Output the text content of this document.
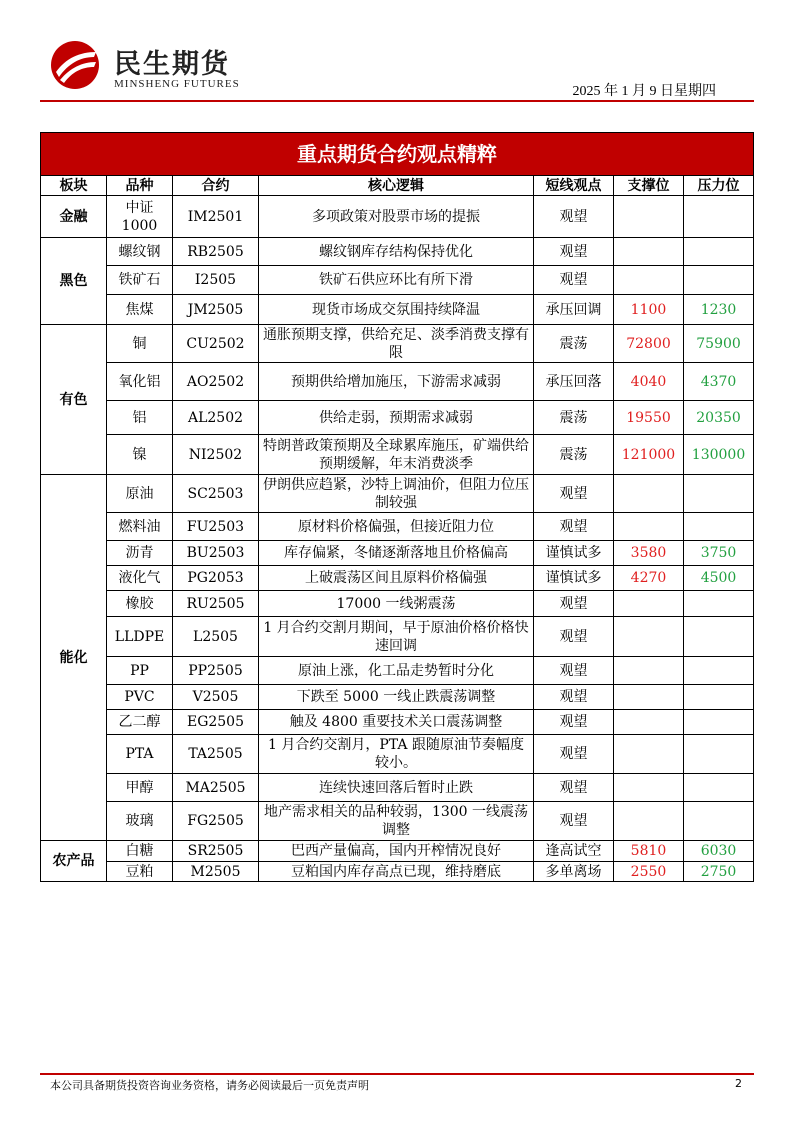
民生期货
MINSHENG FUTURES	2025 年 1 月 9 日星期四
重点期货合约观点精粹						
板块	品种	合约	核心逻辑	短线观点	支撑位	压力位
金融	中证1000	IM2501	多项政策对股票市场的提振	观望		
黑色	螺纹钢	RB2505	螺纹钢库存结构保持优化	观望		
	铁矿石	I2505	铁矿石供应环比有所下滑	观望		
	焦煤	JM2505	现货市场成交氛围持续降温	承压回调	1100	1230
有色	铜	CU2502	通胀预期支撑，供给充足、淡季消费支撑有限	震荡	72800	75900
	氧化铝	AO2502	预期供给增加施压，下游需求减弱	承压回落	4040	4370
	铝	AL2502	供给走弱，预期需求减弱	震荡	19550	20350
	镍	NI2502	特朗普政策预期及全球累库施压，矿端供给预期缓解，年末消费淡季	震荡	121000	130000
能化	原油	SC2503	伊朗供应趋紧，沙特上调油价，但阻力位压制较强	观望		
	燃料油	FU2503	原材料价格偏强，但接近阻力位	观望		
	沥青	BU2503	库存偏紧，冬储逐渐落地且价格偏高	谨慎试多	3580	3750
	液化气	PG2053	上破震荡区间且原料价格偏强	谨慎试多	4270	4500
	橡胶	RU2505	17000 一线粥震荡	观望		
	LLDPE	L2505	1 月合约交割月期间，早于原油价格价格快速回调	观望		
	PP	PP2505	原油上涨，化工品走势暂时分化	观望		
	PVC	V2505	下跌至 5000 一线止跌震荡调整	观望		
	乙二醇	EG2505	触及 4800 重要技术关口震荡调整	观望		
	PTA	TA2505	1 月合约交割月，PTA 跟随原油节奏幅度较小。	观望		
	甲醇	MA2505	连续快速回落后暂时止跌	观望		
	玻璃	FG2505	地产需求相关的品种较弱，1300 一线震荡调整	观望		
农产品	白糖	SR2505	巴西产量偏高，国内开榨情况良好	逢高试空	5810	6030
	豆粕	M2505	豆粕国内库存高点已现，维持磨底	多单离场	2550	2750
本公司具备期货投资咨询业务资格，请务必阅读最后一页免责声明	2
